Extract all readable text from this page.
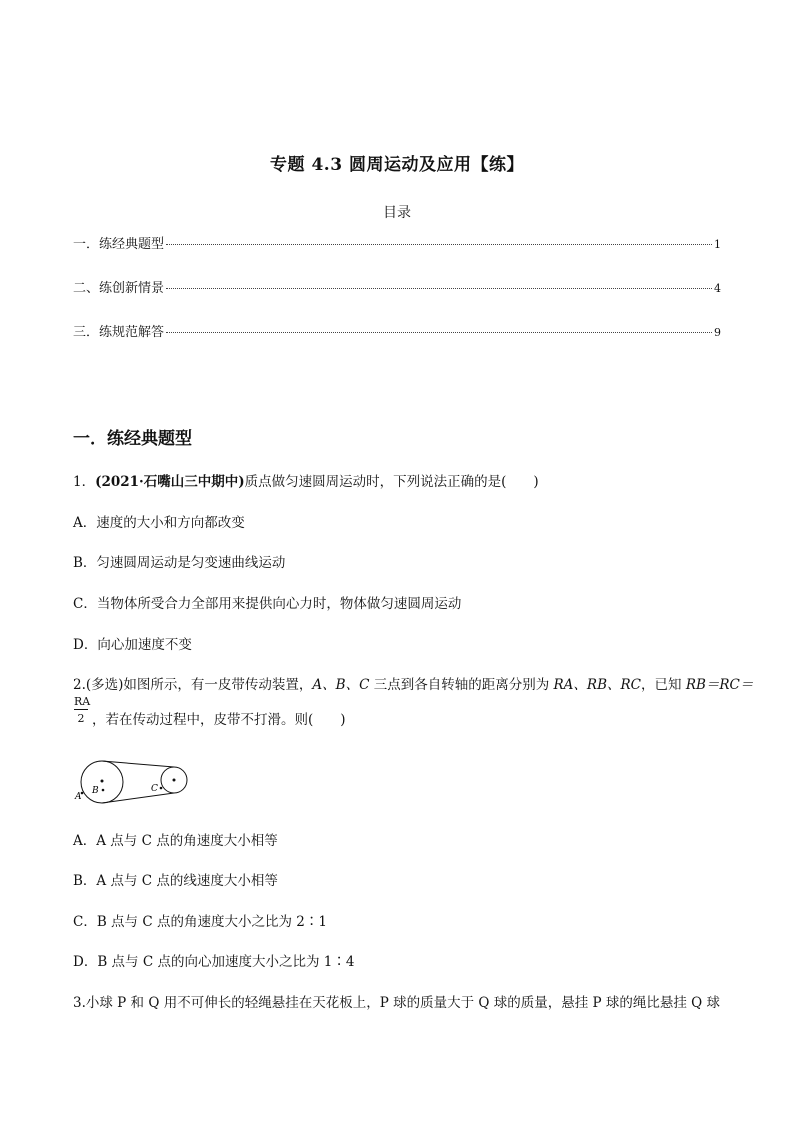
专题 4.3 圆周运动及应用【练】
目录
一．练经典题型	1
二、练创新情景	4
三．练规范解答	9
一．练经典题型
1．(2021·石嘴山三中期中)质点做匀速圆周运动时，下列说法正确的是(　　)
A．速度的大小和方向都改变
B．匀速圆周运动是匀变速曲线运动
C．当物体所受合力全部用来提供向心力时，物体做匀速圆周运动
D．向心加速度不变
2.(多选)如图所示，有一皮带传动装置，A、B、C 三点到各自转轴的距离分别为 RA、RB、RC，已知 RB＝RC＝
$\frac{RA}{2}$ ，若在传动过程中，皮带不打滑。则(　　)
A
B	C
A．A 点与 C 点的角速度大小相等
B．A 点与 C 点的线速度大小相等
C．B 点与 C 点的角速度大小之比为 2∶1
D．B 点与 C 点的向心加速度大小之比为 1∶4
3.小球 P 和 Q 用不可伸长的轻绳悬挂在天花板上，P 球的质量大于 Q 球的质量，悬挂 P 球的绳比悬挂 Q 球
